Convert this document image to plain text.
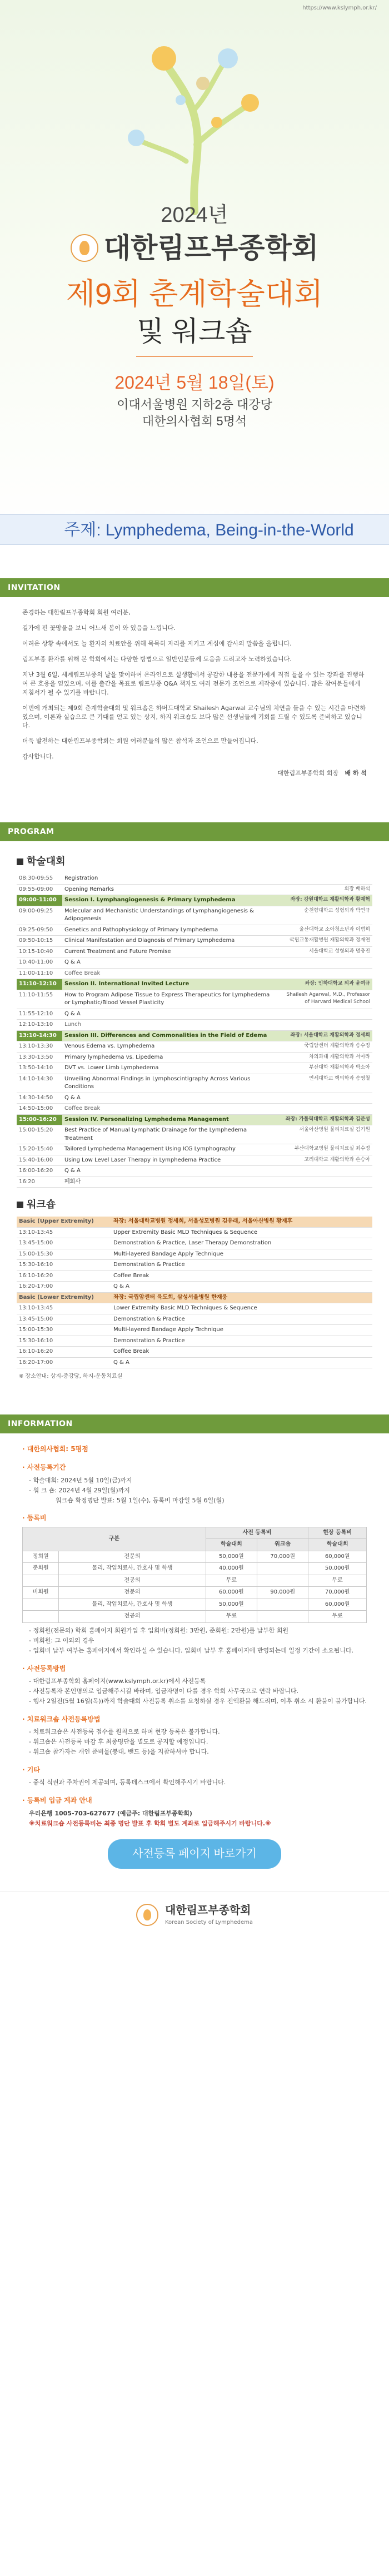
https://www.kslymph.or.kr/
2024년
대한림프부종학회
제9회 춘계학술대회
및 워크숍
2024년 5월 18일(토)
이대서울병원 지하2층 대강당
대한의사협회 5명석
주제: Lymphedema, Being-in-the-World
INVITATION

존경하는 대한림프부종학회 회원 여러분,

길가에 핀 꽃망울을 보니 어느새 봄이 와 있음을 느낍니다.

어려운 상황 속에서도 늘 환자의 치료안을 위해 묵묵히 자리를 지키고 계심에 감사의 말씀을 올립니다.

림프부종 환자를 위해 본 학회에서는 다양한 방법으로 일반인분들께 도움을 드리고자 노력하였습니다.

지난 3월 6일, 세계림프부종의 날을 맞이하여 온라인으로 실생활에서 공감한 내용을 전문가에게 직접 들을 수 있는 강좌를 진행하여 큰 호응을 얻었으며, 이를 출간을 목표로 림프부종 Q&A 책자도 여러 전문가 조언으로 제작중에 있습니다. 많은 참여분들에게 지침서가 될 수 있기를 바랍니다.

이번에 개최되는 제9회 춘계학술대회 및 워크숍은 하버드대학교 Shailesh Agarwal 교수님의 치연을 들을 수 있는 시간을 마련하였으며, 이론과 실습으로 큰 기대를 얻고 있는 상지, 하지 워크숍도 보다 많은 선생님들께 기회를 드릴 수 있도록 준비하고 있습니다.

더욱 발전하는 대한림프부종학회는 회원 여러분들의 많은 참석과 조언으로 만들어집니다.

감사합니다.

대한림프부종학회 회장 배 하 석
PROGRAM
학술대회
08:30-09:55	Registration	
09:55-09:00	Opening Remarks	회장 배하석
09:00-11:00	Session I. Lymphangiogenesis & Primary Lymphedema	좌장: 강원대학교 재활의학과 황재혁
09:00-09:25	Molecular and Mechanistic Understandings of Lymphangiogenesis & Adipogenesis	순천향대학교 성형외과 박연규
09:25-09:50	Genetics and Pathophysiology of Primary Lymphedema	울산대학교 소아청소년과 이범희
09:50-10:15	Clinical Manifestation and Diagnosis of Primary Lymphedema	국립교통재활병원 재활의학과 정재연
10:15-10:40	Current Treatment and Future Promise	서울대학교 성형외과 명충진
10:40-11:00	Q & A	
11:00-11:10	Coffee Break	
11:10-12:10	Session II. International Invited Lecture	좌장: 인하대학교 외과 윤여규
11:10-11:55	How to Program Adipose Tissue to Express Therapeutics for Lymphedema or Lymphatic/Blood Vessel Plasticity	Shailesh Agarwal, M.D., Professor of Harvard Medical School
11:55-12:10	Q & A	
12:10-13:10	Lunch	
13:10-14:30	Session III. Differences and Commonalities in the Field of Edema	좌장: 서울대학교 재활의학과 정세희
13:10-13:30	Venous Edema vs. Lymphedema	국립암센터 재활의학과 송수정
13:30-13:50	Primary lymphedema vs. Lipedema	차의과대 재활의학과 서아라
13:50-14:10	DVT vs. Lower Limb Lymphedema	부산대학 재활의학과 박소아
14:10-14:30	Unveiling Abnormal Findings in Lymphoscintigraphy Across Various Conditions	연세대학교 핵의학과 송영철
14:30-14:50	Q & A	
14:50-15:00	Coffee Break	
15:00-16:20	Session IV. Personalizing Lymphedema Management	좌장: 가톨릭대학교 재활의학과 김준성
15:00-15:20	Best Practice of Manual Lymphatic Drainage for the Lymphedema Treatment	서울아산병원 물리치료실 김기원
15:20-15:40	Tailored Lymphedema Management Using ICG Lymphography	부산대학교병원 물리치료실 최수정
15:40-16:00	Using Low Level Laser Therapy in Lymphedema Practice	고려대학교 재활의학과 손승아
16:00-16:20	Q & A	
16:20	폐회사	
워크숍
Basic (Upper Extremity)	좌장: 서울대학교병원 정세희, 서울성모병원 김유래, 서울아산병원 황재후
13:10-13:45	Upper Extremity Basic MLD Techniques & Sequence
13:45-15:00	Demonstration & Practice, Laser Therapy Demonstration
15:00-15:30	Multi-layered Bandage Apply Technique
15:30-16:10	Demonstration & Practice
16:10-16:20	Coffee Break
16:20-17:00	Q & A
Basic (Lower Extremity)	좌장: 국립암센터 육도희, 삼성서울병원 한재웅
13:10-13:45	Lower Extremity Basic MLD Techniques & Sequence
13:45-15:00	Demonstration & Practice
15:00-15:30	Multi-layered Bandage Apply Technique
15:30-16:10	Demonstration & Practice
16:10-16:20	Coffee Break
16:20-17:00	Q & A
※ 장소안내: 상지-중강당, 하지-운동치료실
INFORMATION
· 대한의사협회: 5평점
· 사전등록기간
- 학술대회: 2024년 5월 10일(금)까지
- 워 크 숍: 2024년 4월 29일(월)까지
워크숍 확정명단 발표: 5월 1일(수), 등록비 마감일 5월 6일(월)
· 등록비
구분		사전 등록비		현장 등록비
		학술대회	워크숍	학술대회
정회원	전문의	50,000원	70,000원	60,000원
준회원	물리, 작업치료사, 간호사 및 학생	40,000원		50,000원
	전공의	무료		무료
비회원	전문의	60,000원	90,000원	70,000원
	물리, 작업치료사, 간호사 및 학생	50,000원		60,000원
	전공의	무료		무료
- 정회원(전문의) 학회 홈페이지 회원가입 후 입회비(정회원: 3만원, 준회원: 2만원)를 납부한 회원
- 비회원: 그 이외의 경우
- 입회비 납부 여부는 홈페이지에서 확인하실 수 있습니다. 입회비 납부 후 홈페이지에 반영되는데 일정 기간이 소요됩니다.
· 사전등록방법
- 대한림프부종학회 홈페이지(www.kslymph.or.kr)에서 사전등록
- 사전등록자 본인명의로 입금해주시길 바라며, 입금자명이 다를 경우 학회 사무국으로 연락 바랍니다.
- 행사 2일전(5월 16일(목))까지 학술대회 사전등록 취소를 요청하실 경우 전액환불 해드리며, 이후 취소 시 환불이 불가합니다.
· 치료워크숍 사전등록방법
- 치료워크숍은 사전등록 접수를 원칙으로 하며 현장 등록은 불가합니다.
- 워크숍은 사전등록 마감 후 최종명단을 별도로 공지할 예정입니다.
- 워크숍 참가자는 개인 준비물(붕대, 밴드 등)을 지참하셔야 합니다.
· 기타
- 중식 식권과 주차권이 제공되며, 등록데스크에서 확인해주시기 바랍니다.
· 등록비 입금 계좌 안내
우리은행 1005-703-627677 (예금주: 대한림프부종학회)
※치료워크숍 사전등록비는 최종 명단 발표 후 학회 별도 계좌로 입금해주시기 바랍니다.※
사전등록 페이지 바로가기
대한림프부종학회
Korean Society of Lymphedema
